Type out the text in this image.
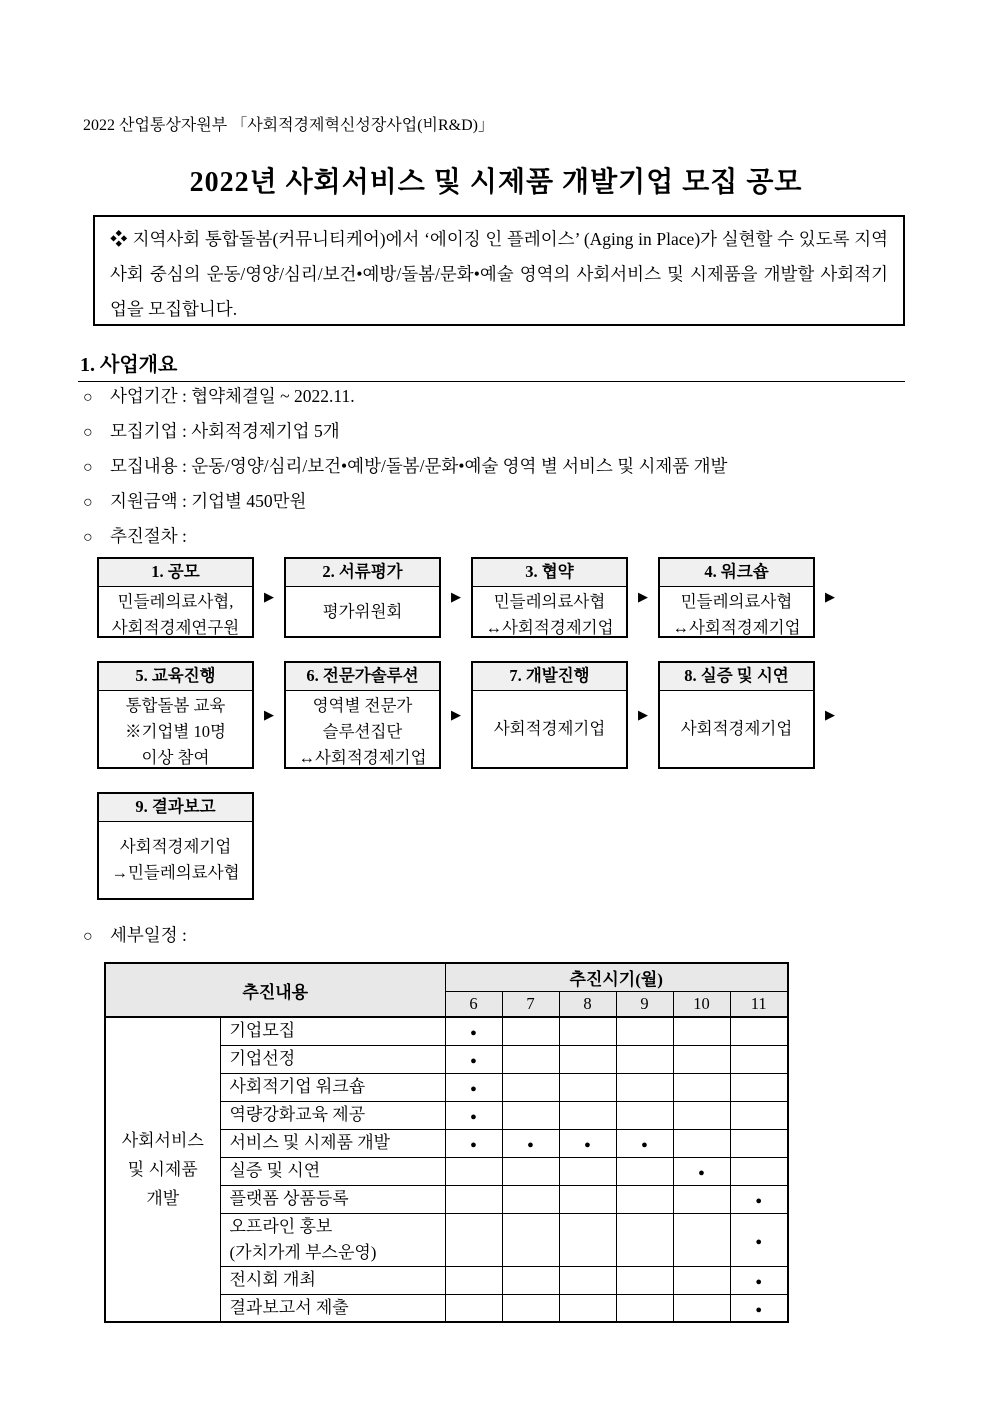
2022 산업통상자원부 「사회적경제혁신성장사업(비R&D)」
2022년 사회서비스 및 시제품 개발기업 모집 공모
❖ 지역사회 통합돌봄(커뮤니티케어)에서 ‘에이징 인 플레이스’ (Aging in Place)가 실현할 수 있도록 지역사회 중심의 운동/영양/심리/보건•예방/돌봄/문화•예술 영역의 사회서비스 및 시제품을 개발할 사회적기업을 모집합니다.
1. 사업개요
○ 사업기간 : 협약체결일 ~ 2022.11.
○ 모집기업 : 사회적경제기업 5개
○ 모집내용 : 운동/영양/심리/보건•예방/돌봄/문화•예술 영역 별 서비스 및 시제품 개발
○ 지원금액 : 기업별 450만원
○ 추진절차 :
1. 공모
민들레의료사협,
사회적경제연구원
▶
2. 서류평가
평가위원회
▶
3. 협약
민들레의료사협
↔사회적경제기업
▶
4. 워크숍
민들레의료사협
↔사회적경제기업
▶
5. 교육진행
통합돌봄 교육
※기업별 10명
이상 참여
▶
6. 전문가솔루션
영역별 전문가
슬루션집단
↔사회적경제기업
▶
7. 개발진행
사회적경제기업
▶
8. 실증 및 시연
사회적경제기업
▶
9. 결과보고
사회적경제기업
→민들레의료사협
○ 세부일정 :
추진내용		추진시기(월)					
		6	7	8	9	10	11

사회서비스
및 시제품
개발	기업모집	●					

	기업선정	●					

	사회적기업 워크숍	●					

	역량강화교육 제공	●					

	서비스 및 시제품 개발	●	●	●	●		

	실증 및 시연					●	

	플랫폼 상품등록						●

	오프라인 홍보
(가치가게 부스운영)						●

	전시회 개최						●

	결과보고서 제출						●
